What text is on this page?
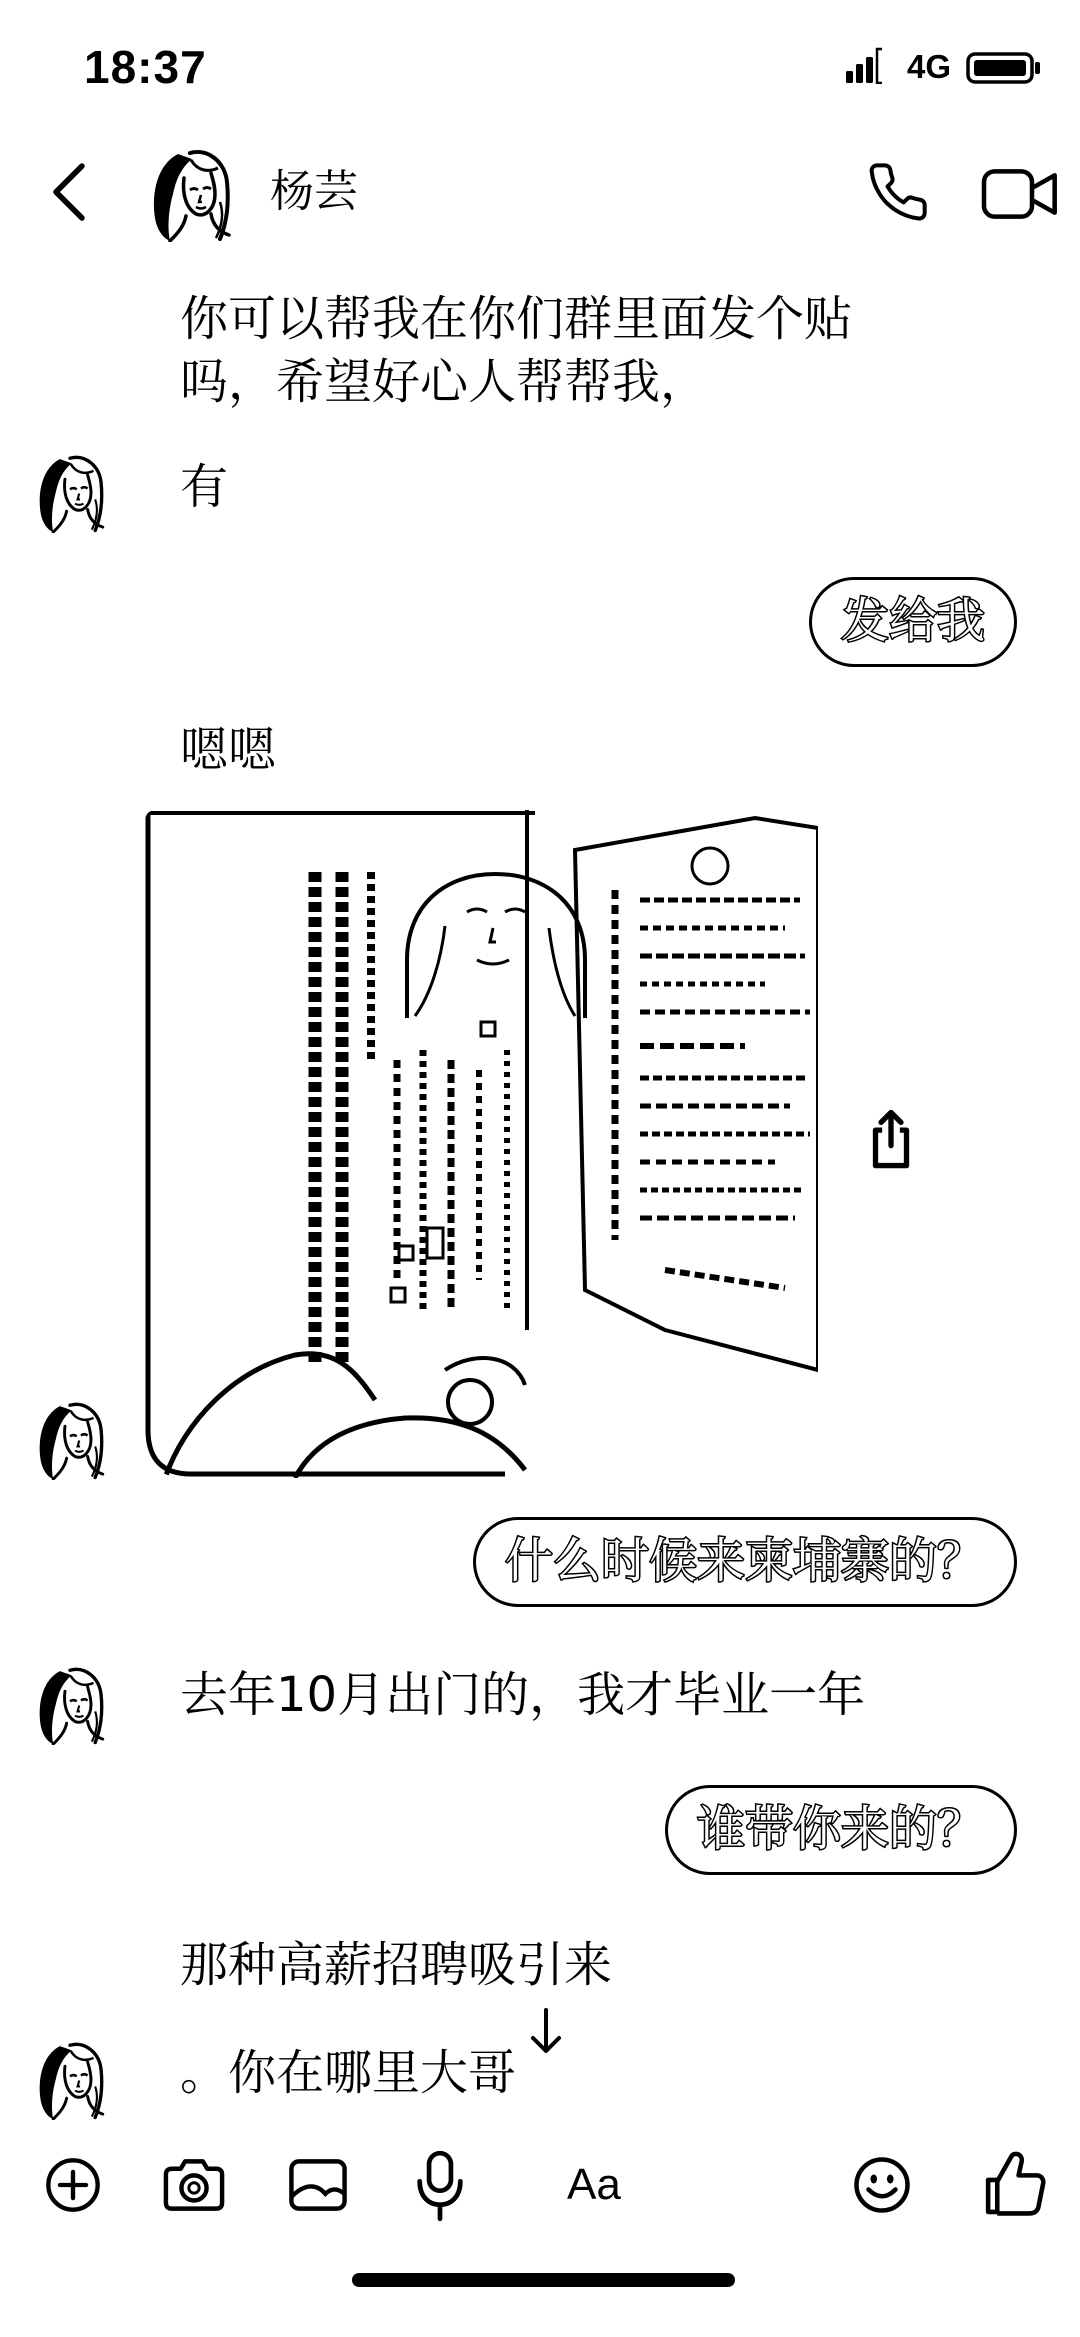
18:37	4G
杨芸
你可以帮我在你们群里面发个贴
吗，希望好心人帮帮我，
有
发给我
嗯嗯
什么时候来柬埔寨的？
去年10月出门的，我才毕业一年
谁带你来的？
那种高薪招聘吸引来
。你在哪里大哥
Aa
